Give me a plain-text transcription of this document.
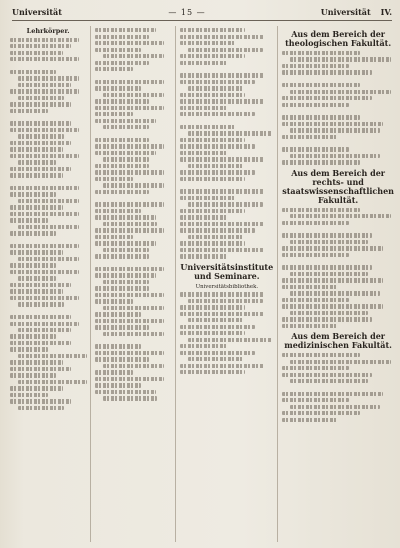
Universität	— 15 —	Universität IV.
Lehrkörper.
Universitätsinstitute und Seminare.
Universitätsbibliothek.
Aus dem Bereich der theologischen Fakultät.
Aus dem Bereich der rechts- und staatswissenschaftlichen Fakultät.
Aus dem Bereich der medizinischen Fakultät.
